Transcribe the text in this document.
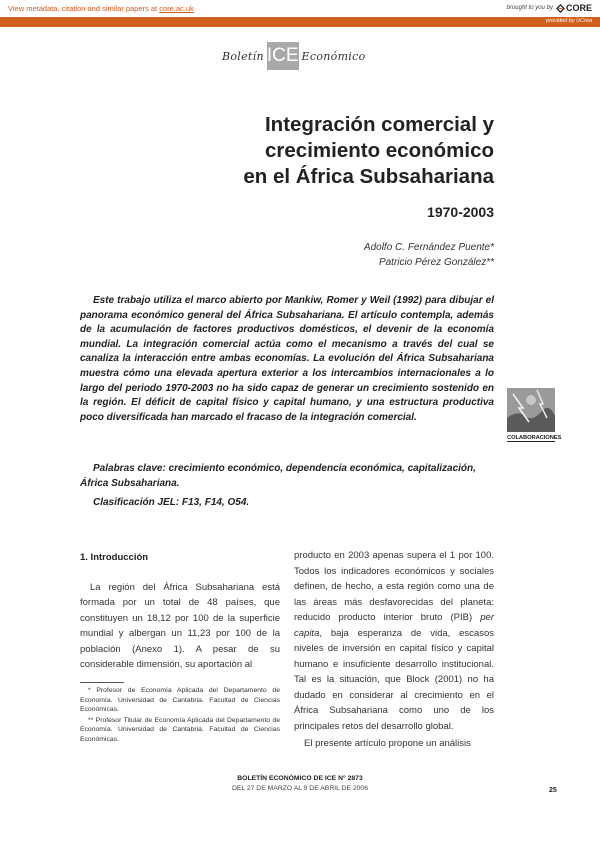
View metadata, citation and similar papers at core.ac.uk	brought to you by CORE
provided by UCrea
Boletín ICE Económico
Integración comercial y
crecimiento económico
en el África Subsahariana
1970-2003
Adolfo C. Fernández Puente*
Patricio Pérez González**

Este trabajo utiliza el marco abierto por Mankiw, Romer y Weil (1992) para dibujar el panorama económico general del África Subsahariana. El artículo contempla, además de la acumulación de factores productivos domésticos, el devenir de la economía mundial. La integración comercial actúa como el mecanismo a través del cual se canaliza la interacción entre ambas economías. La evolución del África Subsahariana muestra cómo una elevada apertura exterior a los intercambios internacionales a lo largo del periodo 1970-2003 no ha sido capaz de generar un crecimiento sostenido en la región. El déficit de capital físico y capital humano, y una estructura productiva poco diversificada han marcado el fracaso de la integración comercial.

Palabras clave: crecimiento económico, dependencia económica, capitalización, África Subsahariana.

Clasificación JEL: F13, F14, O54.
COLABORACIONES
1. Introducción

La región del África Subsahariana está formada por un total de 48 países, que constituyen un 18,12 por 100 de la superficie mundial y albergan un 11,23 por 100 de la población (Anexo 1). A pesar de su considerable dimensión, su aportación al

producto en 2003 apenas supera el 1 por 100. Todos los indicadores económicos y sociales definen, de hecho, a esta región como una de las áreas más desfavorecidas del planeta: reducido producto interior bruto (PIB) per capita, baja esperanza de vida, escasos niveles de inversión en capital físico y capital humano e insuficiente desarrollo institucional. Tal es la situación, que Block (2001) no ha dudado en considerar al crecimiento en el África Subsahariana como uno de los principales retos del desarrollo global.

El presente artículo propone un análisis

* Profesor de Economía Aplicada del Departamento de Economía. Universidad de Cantabria. Facultad de Ciencias Económicas.

** Profesor Titular de Economía Aplicada del Departamento de Economía. Universidad de Cantabria. Facultad de Ciencias Económicas.

BOLETÍN ECONÓMICO DE ICE N° 2873
DEL 27 DE MARZO AL 9 DE ABRIL DE 2006	25
